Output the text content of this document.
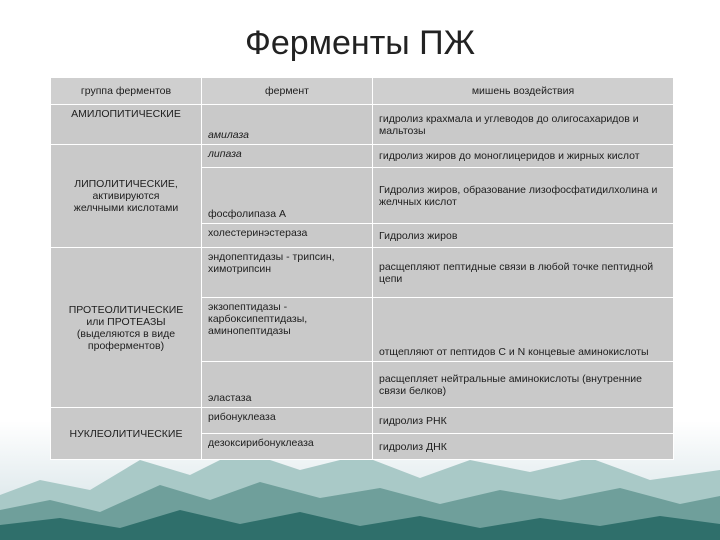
Ферменты ПЖ
группа ферментов	фермент	мишень воздействия
АМИЛОПИТИЧЕСКИЕ	амилаза	гидролиз крахмала и углеводов до олигосахаридов и мальтозы

ЛИПОЛИТИЧЕСКИЕ,
активируются
желчными кислотами	липаза	гидролиз жиров до моноглицеридов и жирных кислот
	фосфолипаза А	Гидролиз жиров, образование лизофосфатидилхолина и желчных кислот
	холестеринэстераза	Гидролиз жиров

ПРОТЕОЛИТИЧЕСКИЕ
или ПРОТЕАЗЫ
(выделяются в виде
проферментов)	эндопептидазы - трипсин, химотрипсин	расщепляют пептидные связи в любой точке пептидной цепи
	экзопептидазы - карбоксипептидазы, аминопептидазы	отщепляют от пептидов С и N концевые аминокислоты
	эластаза	расщепляет нейтральные аминокислоты (внутренние связи белков)
НУКЛЕОЛИТИЧЕСКИЕ	рибонуклеаза	гидролиз РНК
	дезоксирибонуклеаза	гидролиз ДНК
